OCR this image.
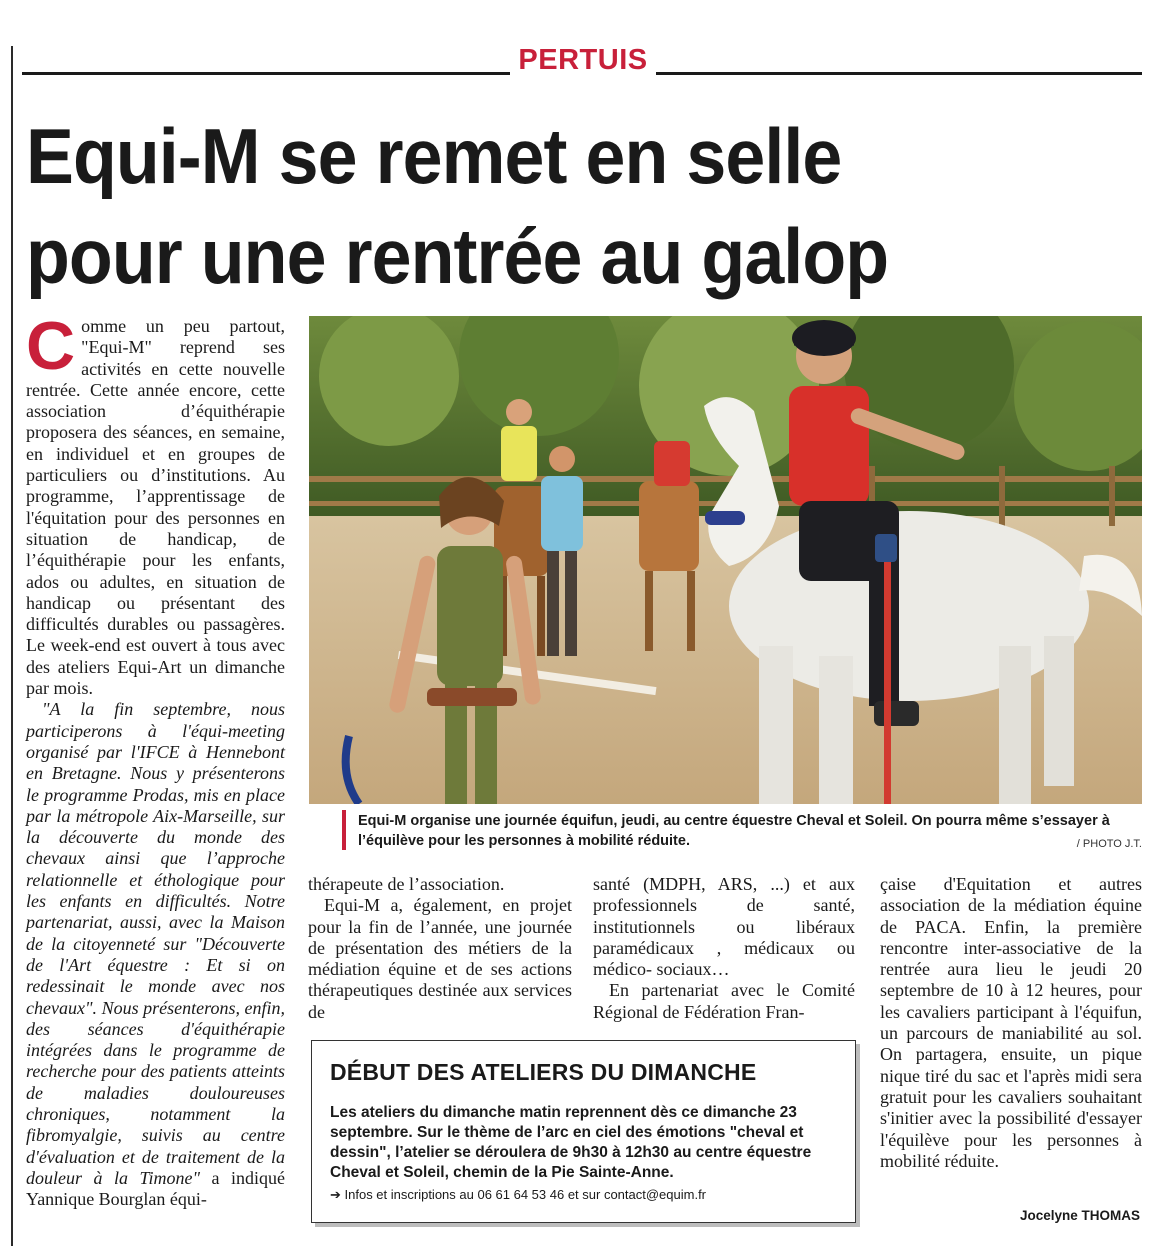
PERTUIS
Equi-M se remet en selle
pour une rentrée au galop

Comme un peu partout, "Equi-M" reprend ses activités en cette nouvelle rentrée. Cette année encore, cette association d’équithérapie proposera des séances, en semaine, en individuel et en groupes de particuliers ou d’institutions. Au programme, l’apprentissage de l'équitation pour des personnes en situation de handicap, de l’équithérapie pour les enfants, ados ou adultes, en situation de handicap ou présentant des difficultés durables ou passagères. Le week-end est ouvert à tous avec des ateliers Equi-Art un dimanche par mois.

"A la fin septembre, nous participerons à l'équi-meeting organisé par l'IFCE à Hennebont en Bretagne. Nous y présenterons le programme Prodas, mis en place par la métropole Aix-Marseille, sur la découverte du monde des chevaux ainsi que l’approche relationnelle et éthologique pour les enfants en difficultés. Notre partenariat, aussi, avec la Maison de la citoyenneté sur "Découverte de l'Art équestre : Et si on redessinait le monde avec nos chevaux". Nous présenterons, enfin, des séances d'équithérapie intégrées dans le programme de recherche pour des patients atteints de maladies douloureuses chroniques, notamment la fibromyalgie, suivis au centre d'évaluation et de traitement de la douleur à la Timone" a indiqué Yannique Bourglan équi-

Equi-M organise une journée équifun, jeudi, au centre équestre Cheval et Soleil. On pourra même s’essayer à l’équilève pour les personnes à mobilité réduite.	/ PHOTO J.T.

thérapeute de l’association.

Equi-M a, également, en projet pour la fin de l’année, une journée de présentation des métiers de la médiation équine et de ses actions thérapeutiques destinée aux services de

santé (MDPH, ARS, ...) et aux professionnels de santé, institutionnels ou libéraux paramédicaux , médicaux ou médico- sociaux…

En partenariat avec le Comité Régional de Fédération Fran-

çaise d'Equitation et autres association de la médiation équine de PACA. Enfin, la première rencontre inter-associative de la rentrée aura lieu le jeudi 20 septembre de 10 à 12 heures, pour les cavaliers participant à l'équifun, un parcours de maniabilité au sol. On partagera, ensuite, un pique nique tiré du sac et l'après midi sera gratuit pour les cavaliers souhaitant s'initier avec la possibilité d'essayer l'équilève pour les personnes à mobilité réduite.

DÉBUT DES ATELIERS DU DIMANCHE
Les ateliers du dimanche matin reprennent dès ce dimanche 23 septembre. Sur le thème de l’arc en ciel des émotions "cheval et dessin", l’atelier se déroulera de 9h30 à 12h30 au centre équestre Cheval et Soleil, chemin de la Pie Sainte-Anne.
➔ Infos et inscriptions au 06 61 64 53 46 et sur contact@equim.fr
Jocelyne THOMAS
